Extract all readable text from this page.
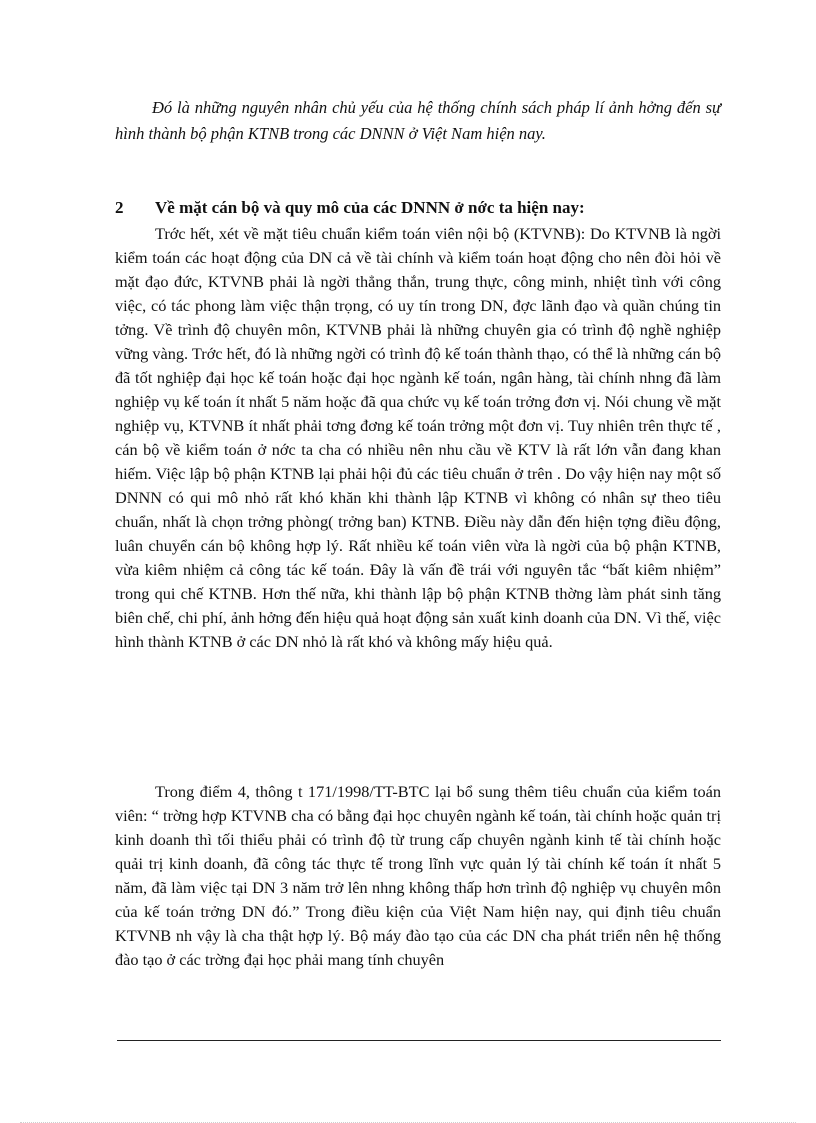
Đó là những nguyên nhân chủ yếu của hệ thống chính sách pháp lí ảnh hởng đến sự hình thành bộ phận KTNB trong các DNNN ở Việt Nam hiện nay.

2 Về mặt cán bộ và quy mô của các DNNN ở nớc ta hiện nay:

Trớc hết, xét về mặt tiêu chuẩn kiểm toán viên nội bộ (KTVNB): Do KTVNB là ngời kiểm toán các hoạt động của DN cả về tài chính và kiểm toán hoạt động cho nên đòi hỏi về mặt đạo đức, KTVNB phải là ngời thẳng thắn, trung thực, công minh, nhiệt tình với công việc, có tác phong làm việc thận trọng, có uy tín trong DN, đợc lãnh đạo và quần chúng tin tởng. Về trình độ chuyên môn, KTVNB phải là những chuyên gia có trình độ nghề nghiệp vững vàng. Trớc hết, đó là những ngời có trình độ kế toán thành thạo, có thể là những cán bộ đã tốt nghiệp đại học kế toán hoặc đại học ngành kế toán, ngân hàng, tài chính nhng đã làm nghiệp vụ kế toán ít nhất 5 năm hoặc đã qua chức vụ kế toán trởng đơn vị. Nói chung về mặt nghiệp vụ, KTVNB ít nhất phải tơng đơng kế toán trởng một đơn vị. Tuy nhiên trên thực tế , cán bộ về kiểm toán ở nớc ta cha có nhiều nên nhu cầu về KTV là rất lớn vẫn đang khan hiếm. Việc lập bộ phận KTNB lại phải hội đủ các tiêu chuẩn ở trên . Do vậy hiện nay một số DNNN có qui mô nhỏ rất khó khăn khi thành lập KTNB vì không có nhân sự theo tiêu chuẩn, nhất là chọn trởng phòng( trởng ban) KTNB. Điều này dẫn đến hiện tợng điều động, luân chuyển cán bộ không hợp lý. Rất nhiều kế toán viên vừa là ngời của bộ phận KTNB, vừa kiêm nhiệm cả công tác kế toán. Đây là vấn đề trái với nguyên tắc “bất kiêm nhiệm” trong qui chế KTNB. Hơn thế nữa, khi thành lập bộ phận KTNB thờng làm phát sinh tăng biên chế, chi phí, ảnh hởng đến hiệu quả hoạt động sản xuất kinh doanh của DN. Vì thế, việc hình thành KTNB ở các DN nhỏ là rất khó và không mấy hiệu quả.

Trong điểm 4, thông t 171/1998/TT-BTC lại bổ sung thêm tiêu chuẩn của kiểm toán viên: “ trờng hợp KTVNB cha có bằng đại học chuyên ngành kế toán, tài chính hoặc quản trị kinh doanh thì tối thiểu phải có trình độ từ trung cấp chuyên ngành kinh tế tài chính hoặc quải trị kinh doanh, đã công tác thực tế trong lĩnh vực quản lý tài chính kế toán ít nhất 5 năm, đã làm việc tại DN 3 năm trở lên nhng không thấp hơn trình độ nghiệp vụ chuyên môn của kế toán trởng DN đó.” Trong điều kiện của Việt Nam hiện nay, qui định tiêu chuẩn KTVNB nh vậy là cha thật hợp lý. Bộ máy đào tạo của các DN cha phát triển nên hệ thống đào tạo ở các trờng đại học phải mang tính chuyên
